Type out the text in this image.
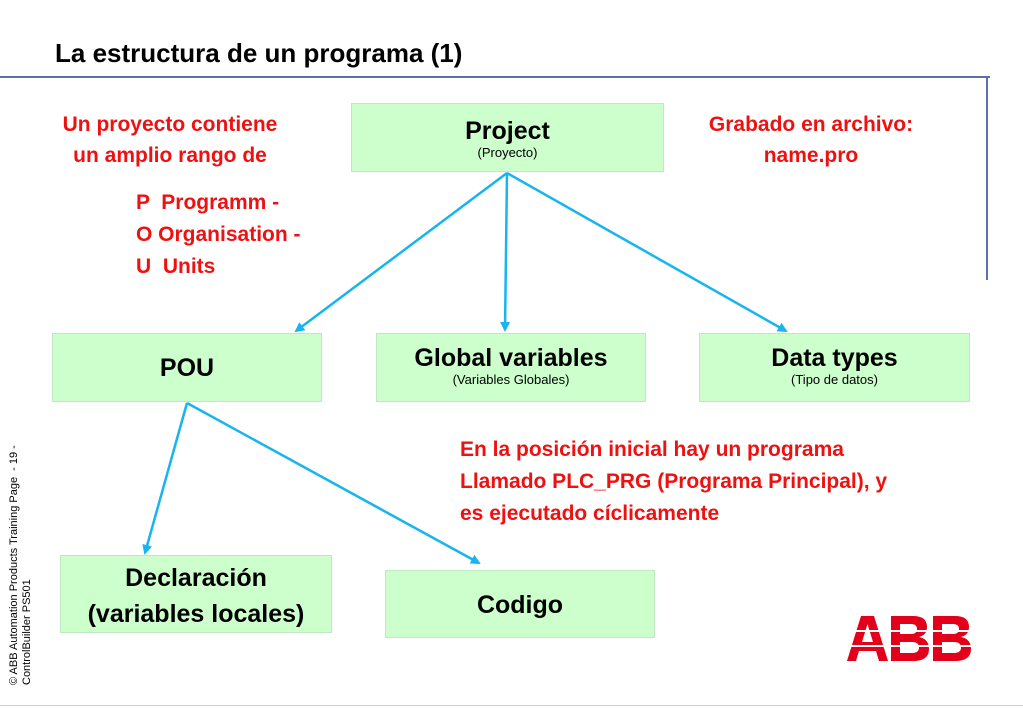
La estructura de un programa (1)
Project
(Proyecto)
POU	Global variables
(Variables Globales)
Data types
(Tipo de datos)
Declaración
(variables locales)	Codigo
Un proyecto contiene
un amplio rango de
P  Programm -
O Organisation -
U  Units
Grabado en archivo:
name.pro
En la posición inicial hay un programa
Llamado PLC_PRG (Programa Principal), y
es ejecutado cíclicamente
© ABB Automation Products Training Page  - 19 - ControlBuilder PS501
